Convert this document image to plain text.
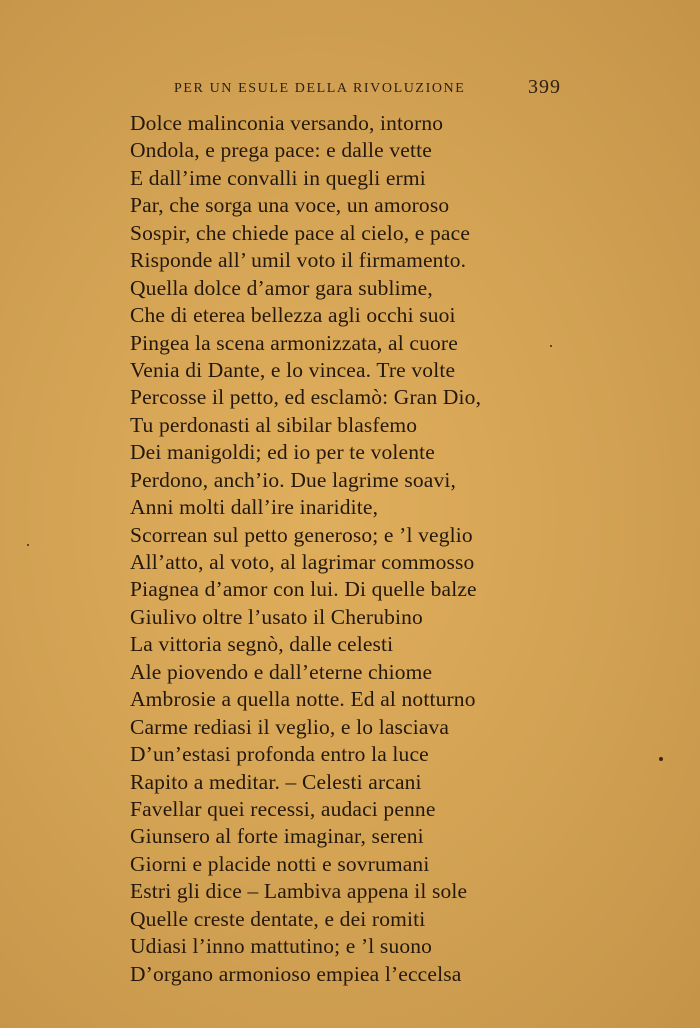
PER UN ESULE DELLA RIVOLUZIONE	399
Dolce malinconia versando, intorno
Ondola, e prega pace: e dalle vette
E dall’ime convalli in quegli ermi
Par, che sorga una voce, un amoroso
Sospir, che chiede pace al cielo, e pace
Risponde all’ umil voto il firmamento.
Quella dolce d’amor gara sublime,
Che di eterea bellezza agli occhi suoi
Pingea la scena armonizzata, al cuore
Venia di Dante, e lo vincea. Tre volte
Percosse il petto, ed esclamò: Gran Dio,
Tu perdonasti al sibilar blasfemo
Dei manigoldi; ed io per te volente
Perdono, anch’io. Due lagrime soavi,
Anni molti dall’ire inaridite,
Scorrean sul petto generoso; e ’l veglio
All’atto, al voto, al lagrimar commosso
Piagnea d’amor con lui. Di quelle balze
Giulivo oltre l’usato il Cherubino
La vittoria segnò, dalle celesti
Ale piovendo e dall’eterne chiome
Ambrosie a quella notte. Ed al notturno
Carme rediasi il veglio, e lo lasciava
D’un’estasi profonda entro la luce
Rapito a meditar. – Celesti arcani
Favellar quei recessi, audaci penne
Giunsero al forte imaginar, sereni
Giorni e placide notti e sovrumani
Estri gli dice – Lambiva appena il sole
Quelle creste dentate, e dei romiti
Udiasi l’inno mattutino; e ’l suono
D’organo armonioso empiea l’eccelsa
